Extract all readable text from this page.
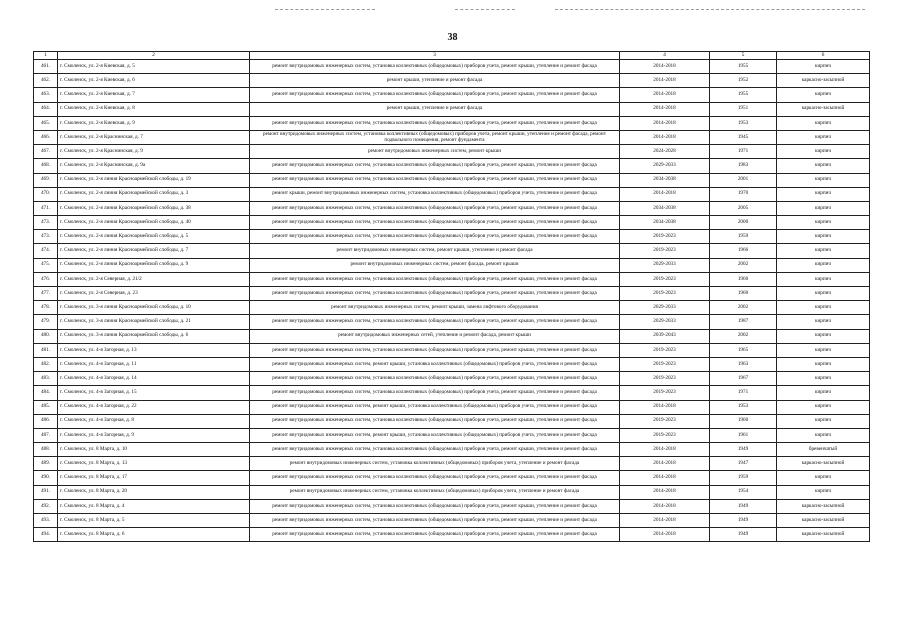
38
1	2	3	4	5	6
461.	г. Смоленск, ул. 2-я Киевская, д. 5	ремонт внутридомовых инженерных систем, установка коллективных (общедомовых) приборов учета, ремонт крыши, утепление и ремонт фасада	2014-2018	1955	кирпич
462.	г. Смоленск, ул. 2-я Киевская, д. 6	ремонт крыши, утепление и ремонт фасада	2014-2018	1952	каркасно-засыпной
463.	г. Смоленск, ул. 2-я Киевская, д. 7	ремонт внутридомовых инженерных систем, установка коллективных (общедомовых) приборов учета, ремонт крыши, утепление и ремонт фасада	2014-2018	1955	кирпич
464.	г. Смоленск, ул. 2-я Киевская, д. 8	ремонт крыши, утепление и ремонт фасада	2014-2018	1951	каркасно-засыпной
465.	г. Смоленск, ул. 2-я Киевская, д. 9	ремонт внутридомовых инженерных систем, установка коллективных (общедомовых) приборов учета, ремонт крыши, утепление и ремонт фасада	2014-2018	1953	кирпич
466.	г. Смоленск, ул. 2-я Краснинская, д. 7	ремонт внутридомовых инженерных систем, установка коллективных (общедомовых) приборов учета, ремонт крыши, утепление и ремонт фасада, ремонт подвального помещения, ремонт фундамента	2014-2018	1945	кирпич
467.	г. Смоленск, ул. 2-я Краснинская, д. 9	ремонт внутридомовых инженерных систем, ремонт крыши	2024-2028	1971	кирпич
468.	г. Смоленск, ул. 2-я Краснинская, д. 9а	ремонт внутридомовых инженерных систем, установка коллективных (общедомовых) приборов учета, ремонт крыши, утепление и ремонт фасада	2029-2033	1983	кирпич
469.	г. Смоленск, ул. 2-я линия Красноармейской слободы, д. 19	ремонт внутридомовых инженерных систем, установка коллективных (общедомовых) приборов учета, ремонт крыши, утепление и ремонт фасада	2034-2038	2001	кирпич
470.	г. Смоленск, ул. 2-я линия Красноармейской слободы, д. 3	ремонт крыши, ремонт внутридомовых инженерных систем, установка коллективных (общедомовых) приборов учета, утепление и ремонт фасада	2014-2018	1970	кирпич
471.	г. Смоленск, ул. 2-я линия Красноармейской слободы, д. 38	ремонт внутридомовых инженерных систем, установка коллективных (общедомовых) приборов учета, ремонт крыши, утепление и ремонт фасада	2034-2038	2005	кирпич
473.	г. Смоленск, ул. 2-я линия Красноармейской слободы, д. 40	ремонт внутридомовых инженерных систем, установка коллективных (общедомовых) приборов учета, ремонт крыши, утепление и ремонт фасада	2034-2038	2000	кирпич
473.	г. Смоленск, ул. 2-я линия Красноармейской слободы, д. 5	ремонт внутридомовых инженерных систем, установка коллективных (общедомовых) приборов учета, ремонт крыши, утепление и ремонт фасада	2019-2023	1959	кирпич
474.	г. Смоленск, ул. 2-я линия Красноармейской слободы, д. 7	ремонт внутридомовых инженерных систем, ремонт крыши, утепление и ремонт фасада	2019-2023	1966	кирпич
475.	г. Смоленск, ул. 2-я линия Красноармейской слободы, д. 9	ремонт внутридомовых инженерных систем, ремонт фасада, ремонт крыши	2029-2033	2002	кирпич
476.	г. Смоленск, ул. 2-я Северная, д. 21/2	ремонт внутридомовых инженерных систем, установка коллективных (общедомовых) приборов учета, ремонт крыши, утепление и ремонт фасада	2019-2023	1960	кирпич
477.	г. Смоленск, ул. 2-я Северная, д. 23	ремонт внутридомовых инженерных систем, установка коллективных (общедомовых) приборов учета, ремонт крыши, утепление и ремонт фасада	2019-2023	1960	кирпич
478.	г. Смоленск, ул. 3-я линия Красноармейской слободы, д. 10	ремонт внутридомовых инженерных систем, ремонт крыши, замена лифтового оборудования	2029-2033	2002	кирпич
479.	г. Смоленск, ул. 3-я линия Красноармейской слободы, д. 21	ремонт внутридомовых инженерных систем, установка коллективных (общедомовых) приборов учета, ремонт крыши, утепление и ремонт фасада	2029-2033	1987	кирпич
480.	г. Смоленск, ул. 3-я линия Красноармейской слободы, д. 6	ремонт внутридомовых инженерных сетей, утепление и ремонт фасада, ремонт крыши	2039-2043	2002	кирпич
481.	г. Смоленск, ул. 4-я Загорная, д. 13	ремонт внутридомовых инженерных систем, установка коллективных (общедомовых) приборов учета, ремонт крыши, утепление и ремонт фасада	2019-2023	1965	кирпич
482.	г. Смоленск, ул. 4-я Загорная, д. 11	ремонт внутридомовых инженерных систем, ремонт крыши, установка коллективных (общедомовых) приборов учета, утепление и ремонт фасада	2019-2023	1963	кирпич
483.	г. Смоленск, ул. 4-я Загорная, д. 14	ремонт внутридомовых инженерных систем, установка коллективных (общедомовых) приборов учета, ремонт крыши, утепление и ремонт фасада	2019-2023	1967	кирпич
484.	г. Смоленск, ул. 4-я Загорная, д. 15	ремонт внутридомовых инженерных систем, установка коллективных (общедомовых) приборов учета, ремонт крыши, утепление и ремонт фасада	2019-2023	1971	кирпич
485.	г. Смоленск, ул. 4-я Загорная, д. 22	ремонт внутридомовых инженерных систем, ремонт крыши, установка коллективных (общедомовых) приборов учета, утепление и ремонт фасада	2014-2018	1953	кирпич
486.	г. Смоленск, ул. 4-я Загорная, д. 8	ремонт внутридомовых инженерных систем, установка коллективных (общедомовых) приборов учета, ремонт крыши, утепление и ремонт фасада	2019-2023	1960	кирпич
487.	г. Смоленск, ул. 4-я Загорная, д. 9	ремонт внутридомовых инженерных систем, ремонт крыши, установка коллективных (общедомовых) приборов учета, утепление и ремонт фасада	2019-2023	1961	кирпич
488.	г. Смоленск, ул. 8 Марта, д. 10	ремонт внутридомовых инженерных систем, установка коллективных (общедомовых) приборов учета, ремонт крыши, утепление и ремонт фасада	2014-2018	1949	бревенчатый
489.	г. Смоленск, ул. 8 Марта, д. 13	ремонт внутридомовых инженерных систем, установка коллективных (общедомовых) приборов учета, утепление и ремонт фасада	2014-2018	1947	каркасно-засыпной
490.	г. Смоленск, ул. 8 Марта, д. 17	ремонт внутридомовых инженерных систем, установка коллективных (общедомовых) приборов учета, ремонт крыши, утепление и ремонт фасада	2014-2018	1959	кирпич
491.	г. Смоленск, ул. 8 Марта, д. 20	ремонт внутридомовых инженерных систем, установка коллективных (общедомовых) приборов учета, утепление и ремонт фасада	2014-2018	1954	кирпич
492.	г. Смоленск, ул. 8 Марта, д. 4	ремонт внутридомовых инженерных систем, установка коллективных (общедомовых) приборов учета, ремонт крыши, утепление и ремонт фасада	2014-2018	1949	каркасно-засыпной
493.	г. Смоленск, ул. 8 Марта, д. 5	ремонт внутридомовых инженерных систем, установка коллективных (общедомовых) приборов учета, ремонт крыши, утепление и ремонт фасада	2014-2018	1949	каркасно-засыпной
494.	г. Смоленск, ул. 8 Марта, д. 6	ремонт внутридомовых инженерных систем, установка коллективных (общедомовых) приборов учета, ремонт крыши, утепление и ремонт фасада	2014-2018	1949	каркасно-засыпной
